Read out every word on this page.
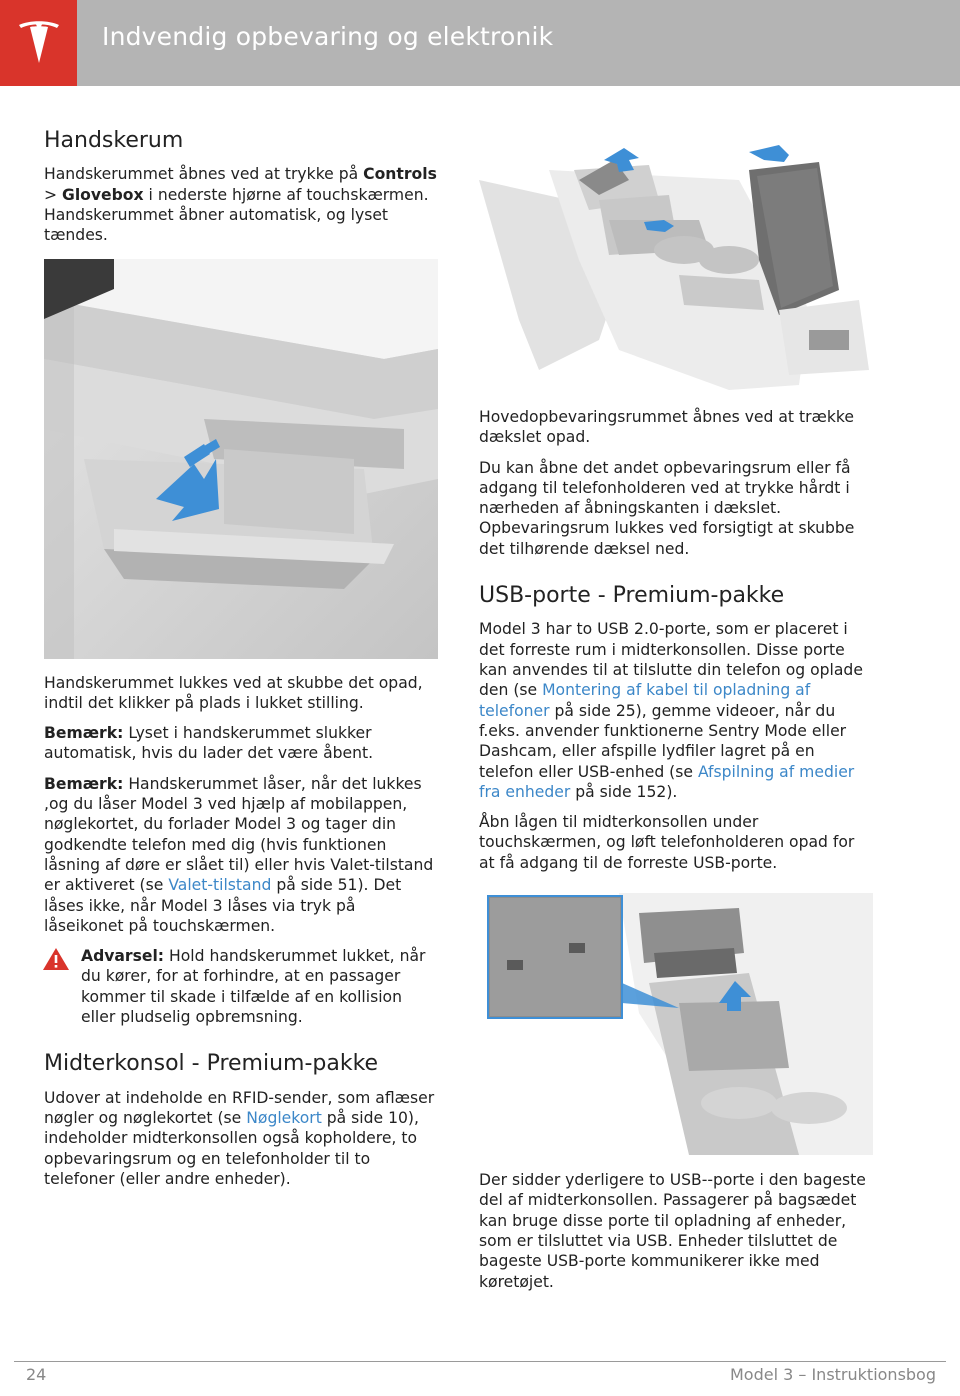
Indvendig opbevaring og elektronik
Handskerum

Handskerummet åbnes ved at trykke på Controls > Glovebox i nederste hjørne af touchskærmen. Handskerummet åbner automatisk, og lyset tændes.

Handskerummet lukkes ved at skubbe det opad, indtil det klikker på plads i lukket stilling.

Bemærk: Lyset i handskerummet slukker automatisk, hvis du lader det være åbent.

Bemærk: Handskerummet låser, når det lukkes ,og du låser Model 3 ved hjælp af mobilappen, nøglekortet, du forlader Model 3 og tager din godkendte telefon med dig (hvis funktionen låsning af døre er slået til) eller hvis Valet-tilstand er aktiveret (se Valet-tilstand på side 51). Det låses ikke, når Model 3 låses via tryk på låseikonet på touchskærmen.

Advarsel: Hold handskerummet lukket, når du kører, for at forhindre, at en passager kommer til skade i tilfælde af en kollision eller pludselig opbremsning.

Midterkonsol - Premium-pakke

Udover at indeholde en RFID-sender, som aflæser nøgler og nøglekortet (se Nøglekort på side 10), indeholder midterkonsollen også kopholdere, to opbevaringsrum og en telefonholder til to telefoner (eller andre enheder).

Hovedopbevaringsrummet åbnes ved at trække dækslet opad.

Du kan åbne det andet opbevaringsrum eller få adgang til telefonholderen ved at trykke hårdt i nærheden af åbningskanten i dækslet. Opbevaringsrum lukkes ved forsigtigt at skubbe det tilhørende dæksel ned.

USB-porte - Premium-pakke

Model 3 har to USB 2.0-porte, som er placeret i det forreste rum i midterkonsollen. Disse porte kan anvendes til at tilslutte din telefon og oplade den (se Montering af kabel til opladning af telefoner på side 25), gemme videoer, når du f.eks. anvender funktionerne Sentry Mode eller Dashcam, eller afspille lydfiler lagret på en telefon eller USB-enhed (se Afspilning af medier fra enheder på side 152).

Åbn lågen til midterkonsollen under touchskærmen, og løft telefonholderen opad for at få adgang til de forreste USB-porte.

Der sidder yderligere to USB--porte i den bageste del af midterkonsollen. Passagerer på bagsædet kan bruge disse porte til opladning af enheder, som er tilsluttet via USB. Enheder tilsluttet de bageste USB-porte kommunikerer ikke med køretøjet.

24	Model 3 – Instruktionsbog
